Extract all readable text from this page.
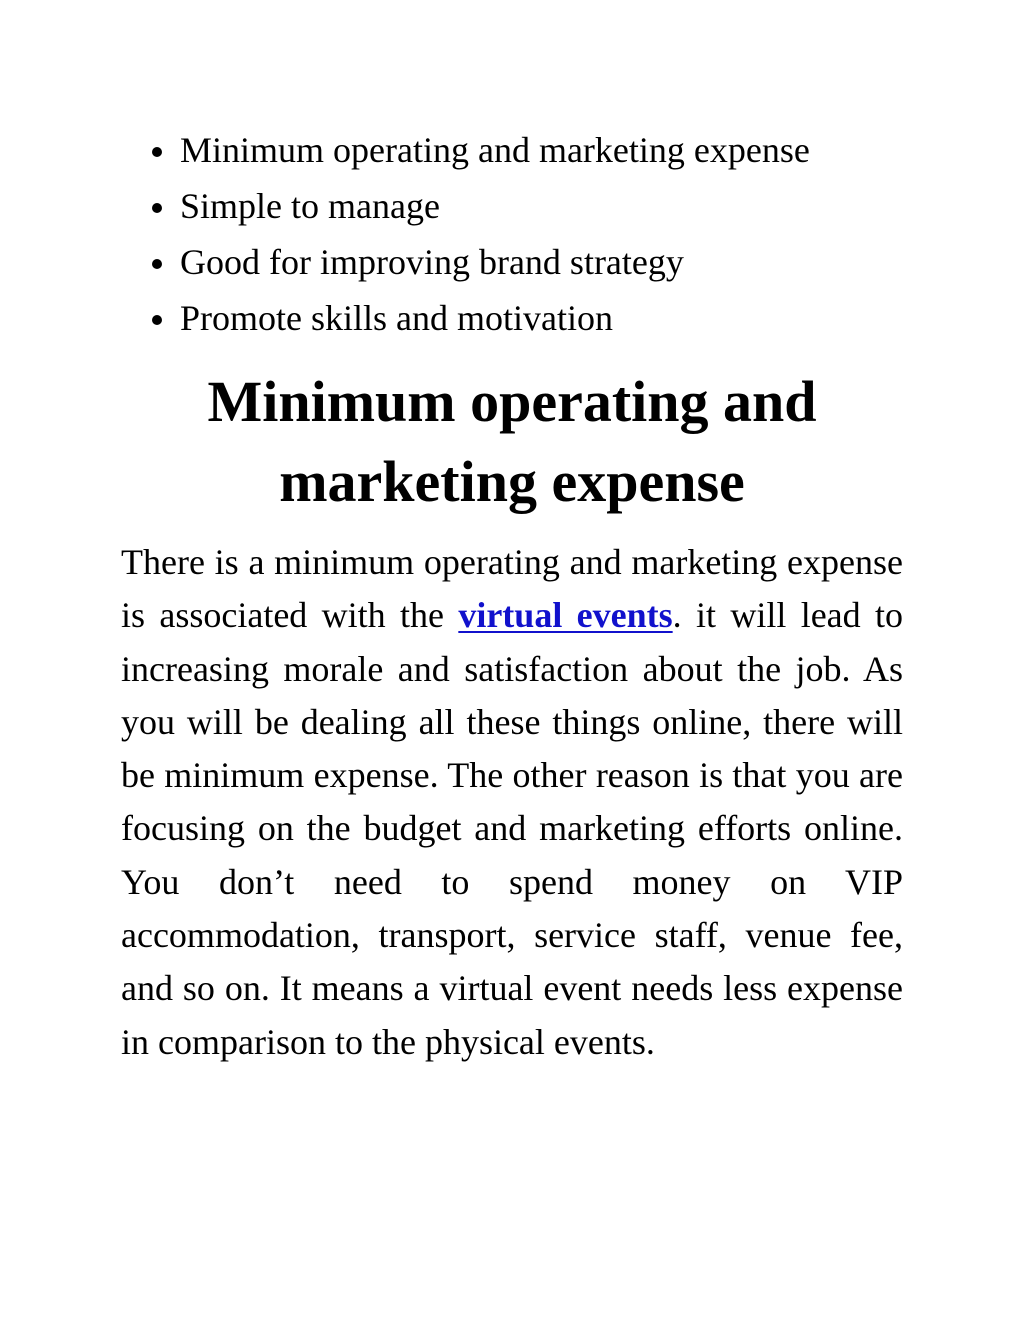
Minimum operating and marketing expense
Simple to manage
Good for improving brand strategy
Promote skills and motivation
Minimum operating and
marketing expense

There is a minimum operating and marketing expense is associated with the virtual events. it will lead to increasing morale and satisfaction about the job. As you will be dealing all these things online, there will be minimum expense. The other reason is that you are focusing on the budget and marketing efforts online. You don’t need to spend money on VIP accommodation, transport, service staff, venue fee, and so on. It means a virtual event needs less expense in comparison to the physical events.
